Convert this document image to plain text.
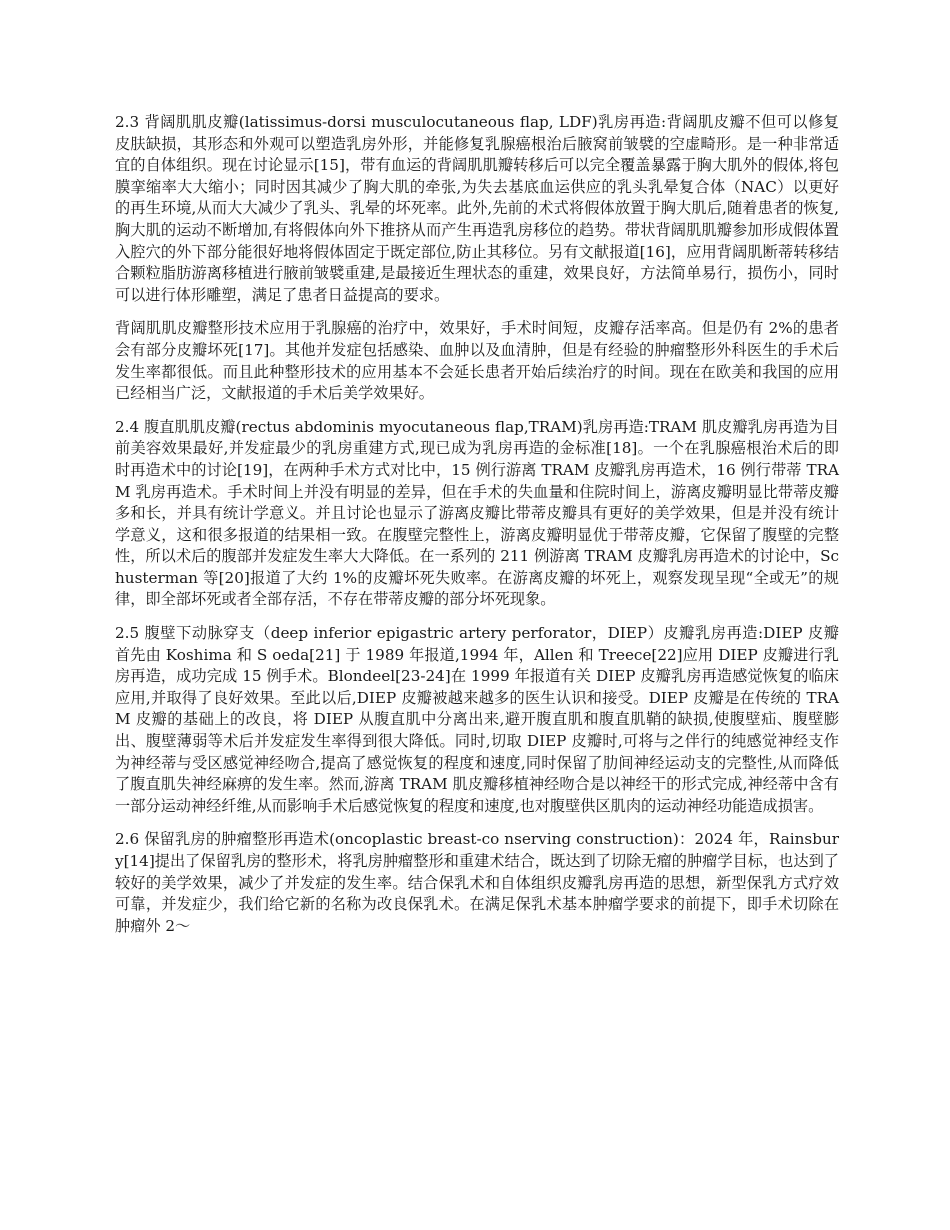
2.3 背阔肌肌皮瓣(latissimus-dorsi musculocutaneous flap, LDF)乳房再造:背阔肌皮瓣不但可以修复皮肤缺损，其形态和外观可以塑造乳房外形，并能修复乳腺癌根治后腋窝前皱襞的空虚畸形。是一种非常适宜的自体组织。现在讨论显示[15]，带有血运的背阔肌肌瓣转移后可以完全覆盖暴露于胸大肌外的假体,将包膜挛缩率大大缩小；同时因其减少了胸大肌的牵张,为失去基底血运供应的乳头乳晕复合体（NAC）以更好的再生环境,从而大大减少了乳头、乳晕的坏死率。此外,先前的术式将假体放置于胸大肌后,随着患者的恢复,胸大肌的运动不断增加,有将假体向外下推挤从而产生再造乳房移位的趋势。带状背阔肌肌瓣参加形成假体置入腔穴的外下部分能很好地将假体固定于既定部位,防止其移位。另有文献报道[16]，应用背阔肌断蒂转移结合颗粒脂肪游离移植进行腋前皱襞重建,是最接近生理状态的重建，效果良好，方法简单易行，损伤小，同时可以进行体形雕塑，满足了患者日益提高的要求。

背阔肌肌皮瓣整形技术应用于乳腺癌的治疗中，效果好，手术时间短，皮瓣存活率高。但是仍有 2%的患者会有部分皮瓣坏死[17]。其他并发症包括感染、血肿以及血清肿，但是有经验的肿瘤整形外科医生的手术后发生率都很低。而且此种整形技术的应用基本不会延长患者开始后续治疗的时间。现在在欧美和我国的应用已经相当广泛，文献报道的手术后美学效果好。

2.4 腹直肌肌皮瓣(rectus abdominis myocutaneous flap,TRAM)乳房再造:TRAM 肌皮瓣乳房再造为目前美容效果最好,并发症最少的乳房重建方式,现已成为乳房再造的金标准[18]。一个在乳腺癌根治术后的即时再造术中的讨论[19]，在两种手术方式对比中，15 例行游离 TRAM 皮瓣乳房再造术，16 例行带蒂 TRAM 乳房再造术。手术时间上并没有明显的差异，但在手术的失血量和住院时间上，游离皮瓣明显比带蒂皮瓣多和长，并具有统计学意义。并且讨论也显示了游离皮瓣比带蒂皮瓣具有更好的美学效果，但是并没有统计学意义，这和很多报道的结果相一致。在腹壁完整性上，游离皮瓣明显优于带蒂皮瓣，它保留了腹壁的完整性，所以术后的腹部并发症发生率大大降低。在一系列的 211 例游离 TRAM 皮瓣乳房再造术的讨论中，Schusterman 等[20]报道了大约 1%的皮瓣坏死失败率。在游离皮瓣的坏死上，观察发现呈现“全或无”的规律，即全部坏死或者全部存活，不存在带蒂皮瓣的部分坏死现象。

2.5 腹壁下动脉穿支（deep inferior epigastric artery perforator，DIEP）皮瓣乳房再造:DIEP 皮瓣首先由 Koshima 和 S oeda[21] 于 1989 年报道,1994 年，Allen 和 Treece[22]应用 DIEP 皮瓣进行乳房再造，成功完成 15 例手术。Blondeel[23-24]在 1999 年报道有关 DIEP 皮瓣乳房再造感觉恢复的临床应用,并取得了良好效果。至此以后,DIEP 皮瓣被越来越多的医生认识和接受。DIEP 皮瓣是在传统的 TRAM 皮瓣的基础上的改良，将 DIEP 从腹直肌中分离出来,避开腹直肌和腹直肌鞘的缺损,使腹壁疝、腹壁膨出、腹壁薄弱等术后并发症发生率得到很大降低。同时,切取 DIEP 皮瓣时,可将与之伴行的纯感觉神经支作为神经蒂与受区感觉神经吻合,提高了感觉恢复的程度和速度,同时保留了肋间神经运动支的完整性,从而降低了腹直肌失神经麻痹的发生率。然而,游离 TRAM 肌皮瓣移植神经吻合是以神经干的形式完成,神经蒂中含有一部分运动神经纤维,从而影响手术后感觉恢复的程度和速度,也对腹壁供区肌肉的运动神经功能造成损害。

2.6 保留乳房的肿瘤整形再造术(oncoplastic breast-co nserving construction)：2024 年，Rainsbury[14]提出了保留乳房的整形术，将乳房肿瘤整形和重建术结合，既达到了切除无瘤的肿瘤学目标，也达到了较好的美学效果，减少了并发症的发生率。结合保乳术和自体组织皮瓣乳房再造的思想，新型保乳方式疗效可靠，并发症少，我们给它新的名称为改良保乳术。在满足保乳术基本肿瘤学要求的前提下，即手术切除在肿瘤外 2～
